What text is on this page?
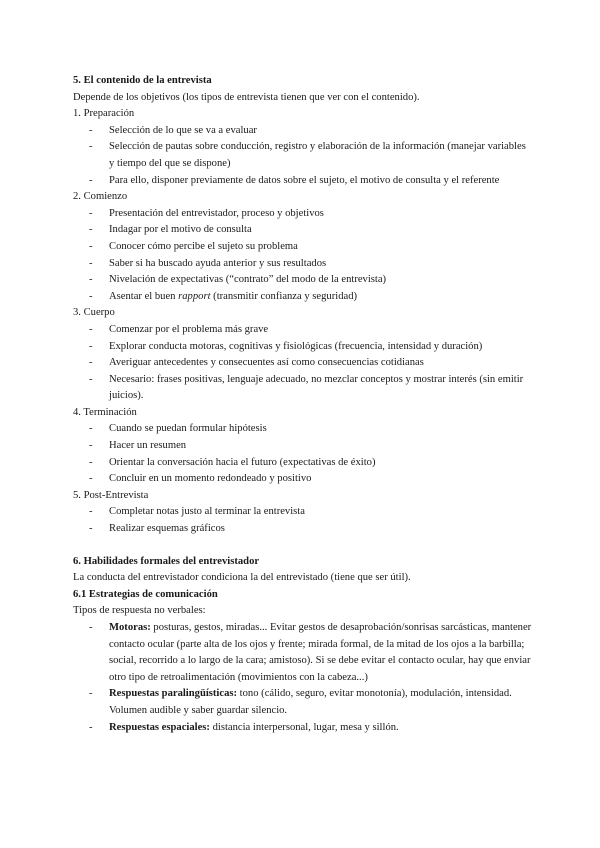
5. El contenido de la entrevista

Depende de los objetivos (los tipos de entrevista tienen que ver con el contenido).

1. Preparación

- Selección de lo que se va a evaluar
- Selección de pautas sobre conducción, registro y elaboración de la información (manejar variables y tiempo del que se dispone)
- Para ello, disponer previamente de datos sobre el sujeto, el motivo de consulta y el referente

2. Comienzo

- Presentación del entrevistador, proceso y objetivos
- Indagar por el motivo de consulta
- Conocer cómo percibe el sujeto su problema
- Saber si ha buscado ayuda anterior y sus resultados
- Nivelación de expectativas (“contrato” del modo de la entrevista)
- Asentar el buen rapport (transmitir confianza y seguridad)

3. Cuerpo

- Comenzar por el problema más grave
- Explorar conducta motoras, cognitivas y fisiológicas (frecuencia, intensidad y duración)
- Averiguar antecedentes y consecuentes así como consecuencias cotidianas
- Necesario: frases positivas, lenguaje adecuado, no mezclar conceptos y mostrar interés (sin emitir juicios).

4. Terminación

- Cuando se puedan formular hipótesis
- Hacer un resumen
- Orientar la conversación hacia el futuro (expectativas de éxito)
- Concluir en un momento redondeado y positivo

5. Post-Entrevista

- Completar notas justo al terminar la entrevista
- Realizar esquemas gráficos

6. Habilidades formales del entrevistador

La conducta del entrevistador condiciona la del entrevistado (tiene que ser útil).

6.1 Estrategias de comunicación

Tipos de respuesta no verbales:

- Motoras: posturas, gestos, miradas... Evitar gestos de desaprobación/sonrisas sarcásticas, mantener contacto ocular (parte alta de los ojos y frente; mirada formal, de la mitad de los ojos a la barbilla; social, recorrido a lo largo de la cara; amistoso). Si se debe evitar el contacto ocular, hay que enviar otro tipo de retroalimentación (movimientos con la cabeza...)
- Respuestas paralingüísticas: tono (cálido, seguro, evitar monotonía), modulación, intensidad. Volumen audible y saber guardar silencio.
- Respuestas espaciales: distancia interpersonal, lugar, mesa y sillón.
